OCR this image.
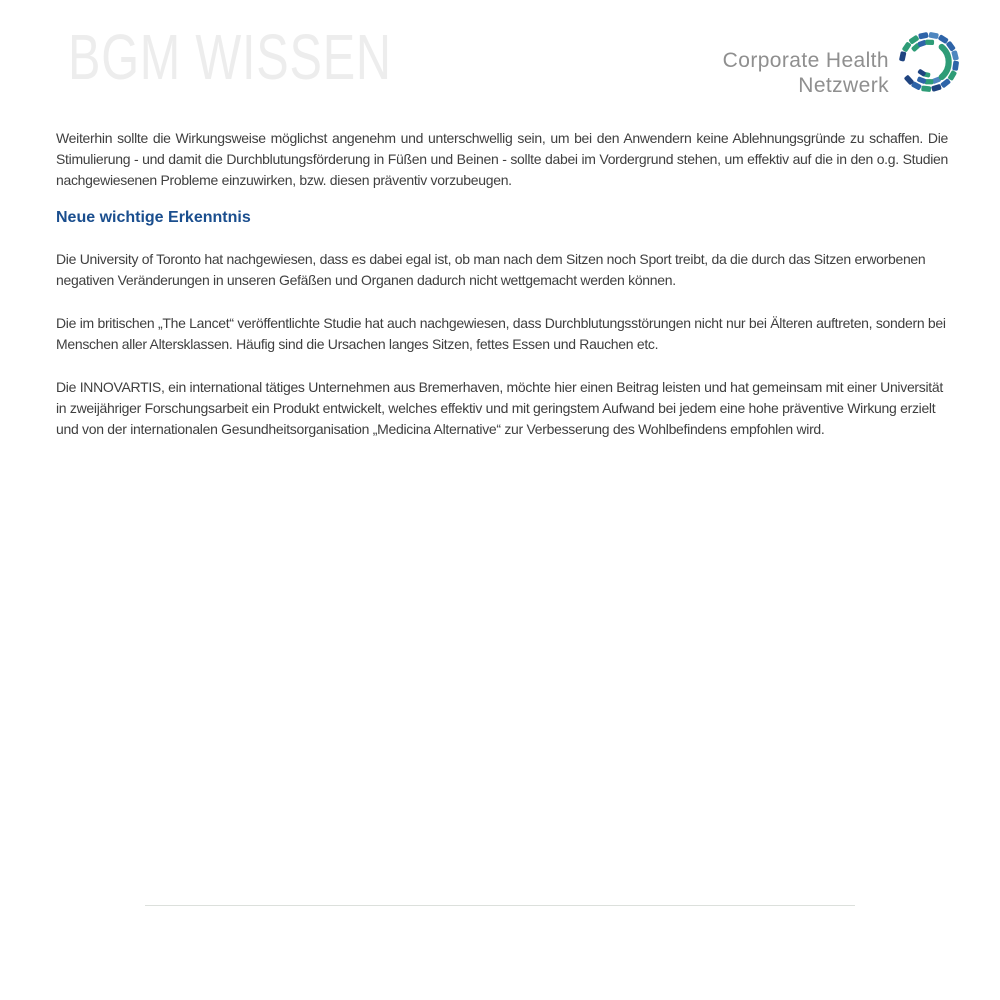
BGM WISSEN	Corporate Health
Netzwerk

Weiterhin sollte die Wirkungsweise möglichst angenehm und unterschwellig sein, um bei den Anwendern keine Ablehnungsgründe zu schaffen. Die Stimulierung - und damit die Durchblutungsförderung in Füßen und Beinen - sollte dabei im Vordergrund stehen, um effektiv auf die in den o.g. Studien nachgewiesenen Probleme einzuwirken, bzw. diesen präventiv vorzubeugen.

Neue wichtige Erkenntnis

Die University of Toronto hat nachgewiesen, dass es dabei egal ist, ob man nach dem Sitzen noch Sport treibt, da die durch das Sitzen erworbenen negativen Veränderungen in unseren Gefäßen und Organen dadurch nicht wettgemacht werden können.

Die im britischen „The Lancet“ veröffentlichte Studie hat auch nachgewiesen, dass Durchblutungsstörungen nicht nur bei Älteren auftreten, sondern bei Menschen aller Altersklassen. Häufig sind die Ursachen langes Sitzen, fettes Essen und Rauchen etc.

Die INNOVARTIS, ein international tätiges Unternehmen aus Bremerhaven, möchte hier einen Beitrag leisten und hat gemeinsam mit einer Universität in zweijähriger Forschungsarbeit ein Produkt entwickelt, welches effektiv und mit geringstem Aufwand bei jedem eine hohe präventive Wirkung erzielt und von der internationalen Gesundheitsorganisation „Medicina Alternative“ zur Verbesserung des Wohlbefindens empfohlen wird.
